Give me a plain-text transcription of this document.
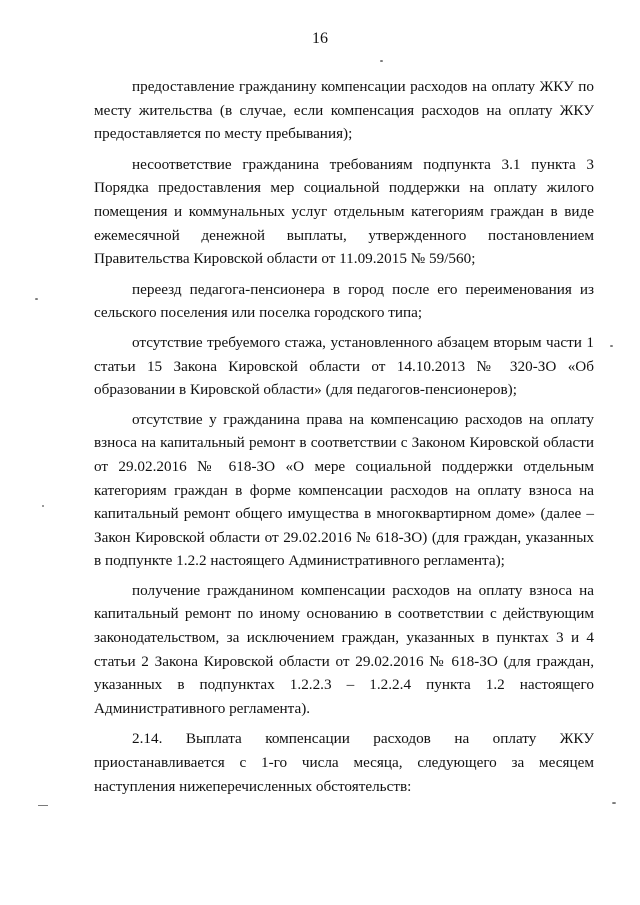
16

предоставление гражданину компенсации расходов на оплату ЖКУ по месту жительства (в случае, если компенсация расходов на оплату ЖКУ предоставляется по месту пребывания);

несоответствие гражданина требованиям подпункта 3.1 пункта 3 Порядка предоставления мер социальной поддержки на оплату жилого помещения и коммунальных услуг отдельным категориям граждан в виде ежемесячной денежной выплаты, утвержденного постановлением Правительства Кировской области от 11.09.2015 № 59/560;

переезд педагога-пенсионера в город после его переименования из сельского поселения или поселка городского типа;

отсутствие требуемого стажа, установленного абзацем вторым части 1 статьи 15 Закона Кировской области от 14.10.2013 № 320-ЗО «Об образовании в Кировской области» (для педагогов-пенсионеров);

отсутствие у гражданина права на компенсацию расходов на оплату взноса на капитальный ремонт в соответствии с Законом Кировской области от 29.02.2016 № 618-ЗО «О мере социальной поддержки отдельным категориям граждан в форме компенсации расходов на оплату взноса на капитальный ремонт общего имущества в многоквартирном доме» (далее – Закон Кировской области от 29.02.2016 № 618-ЗО) (для граждан, указанных в подпункте 1.2.2 настоящего Административного регламента);

получение гражданином компенсации расходов на оплату взноса на капитальный ремонт по иному основанию в соответствии с действующим законодательством, за исключением граждан, указанных в пунктах 3 и 4 статьи 2 Закона Кировской области от 29.02.2016 № 618-ЗО (для граждан, указанных в подпунктах 1.2.2.3 – 1.2.2.4 пункта 1.2 настоящего Административного регламента).

2.14. Выплата компенсации расходов на оплату ЖКУ приостанавливается с 1-го числа месяца, следующего за месяцем наступления нижеперечисленных обстоятельств:
